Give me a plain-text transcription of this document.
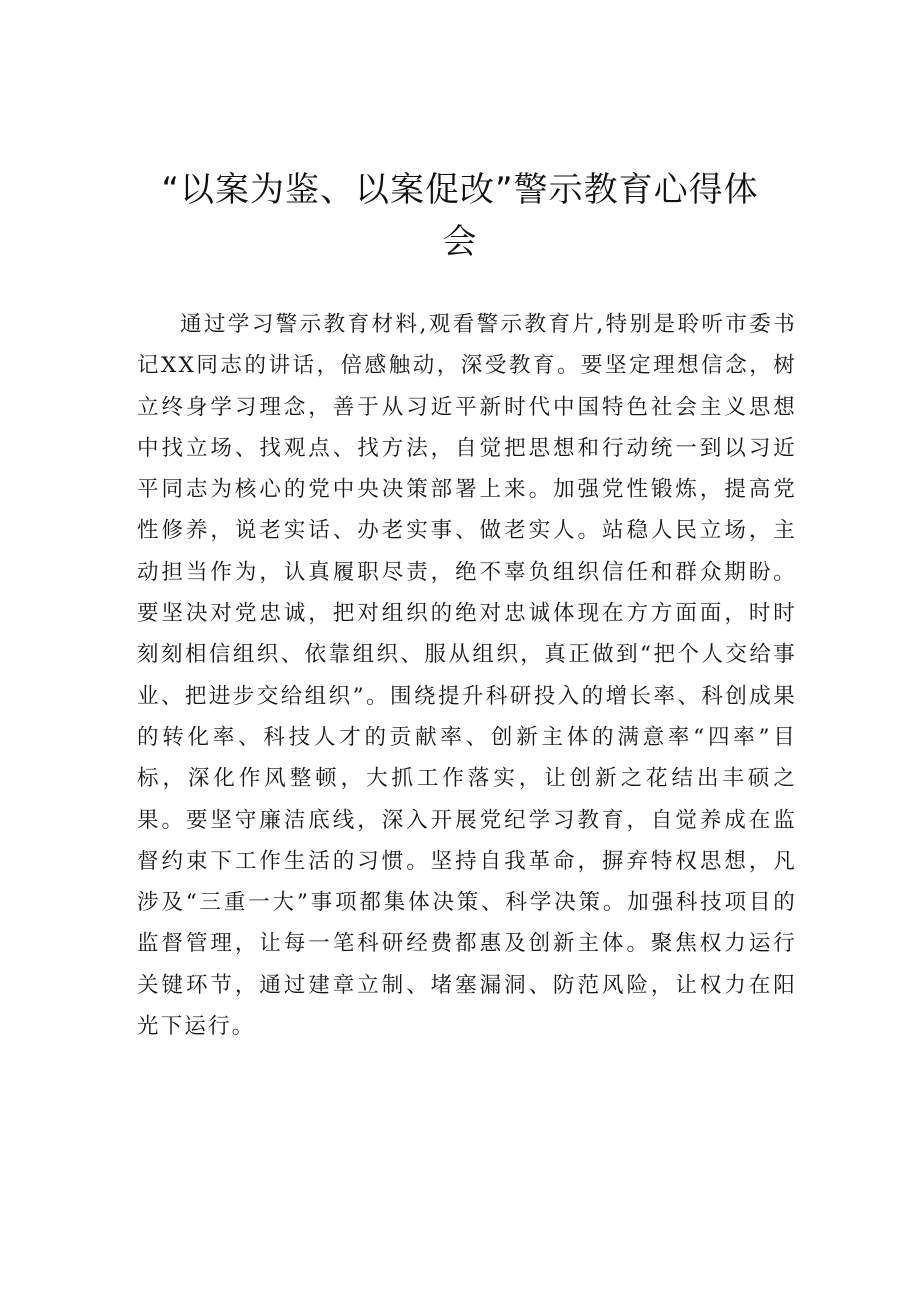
“以案为鉴、以案促改”警示教育心得体会

通过学习警示教育材料,观看警示教育片,特别是聆听市委书记XX同志的讲话，倍感触动，深受教育。要坚定理想信念，树立终身学习理念，善于从习近平新时代中国特色社会主义思想中找立场、找观点、找方法，自觉把思想和行动统一到以习近平同志为核心的党中央决策部署上来。加强党性锻炼，提高党性修养，说老实话、办老实事、做老实人。站稳人民立场，主动担当作为，认真履职尽责，绝不辜负组织信任和群众期盼。要坚决对党忠诚，把对组织的绝对忠诚体现在方方面面，时时刻刻相信组织、依靠组织、服从组织，真正做到“把个人交给事业、把进步交给组织”。围绕提升科研投入的增长率、科创成果的转化率、科技人才的贡献率、创新主体的满意率“四率”目标，深化作风整顿，大抓工作落实，让创新之花结出丰硕之果。要坚守廉洁底线，深入开展党纪学习教育，自觉养成在监督约束下工作生活的习惯。坚持自我革命，摒弃特权思想，凡涉及“三重一大”事项都集体决策、科学决策。加强科技项目的监督管理，让每一笔科研经费都惠及创新主体。聚焦权力运行关键环节，通过建章立制、堵塞漏洞、防范风险，让权力在阳光下运行。
